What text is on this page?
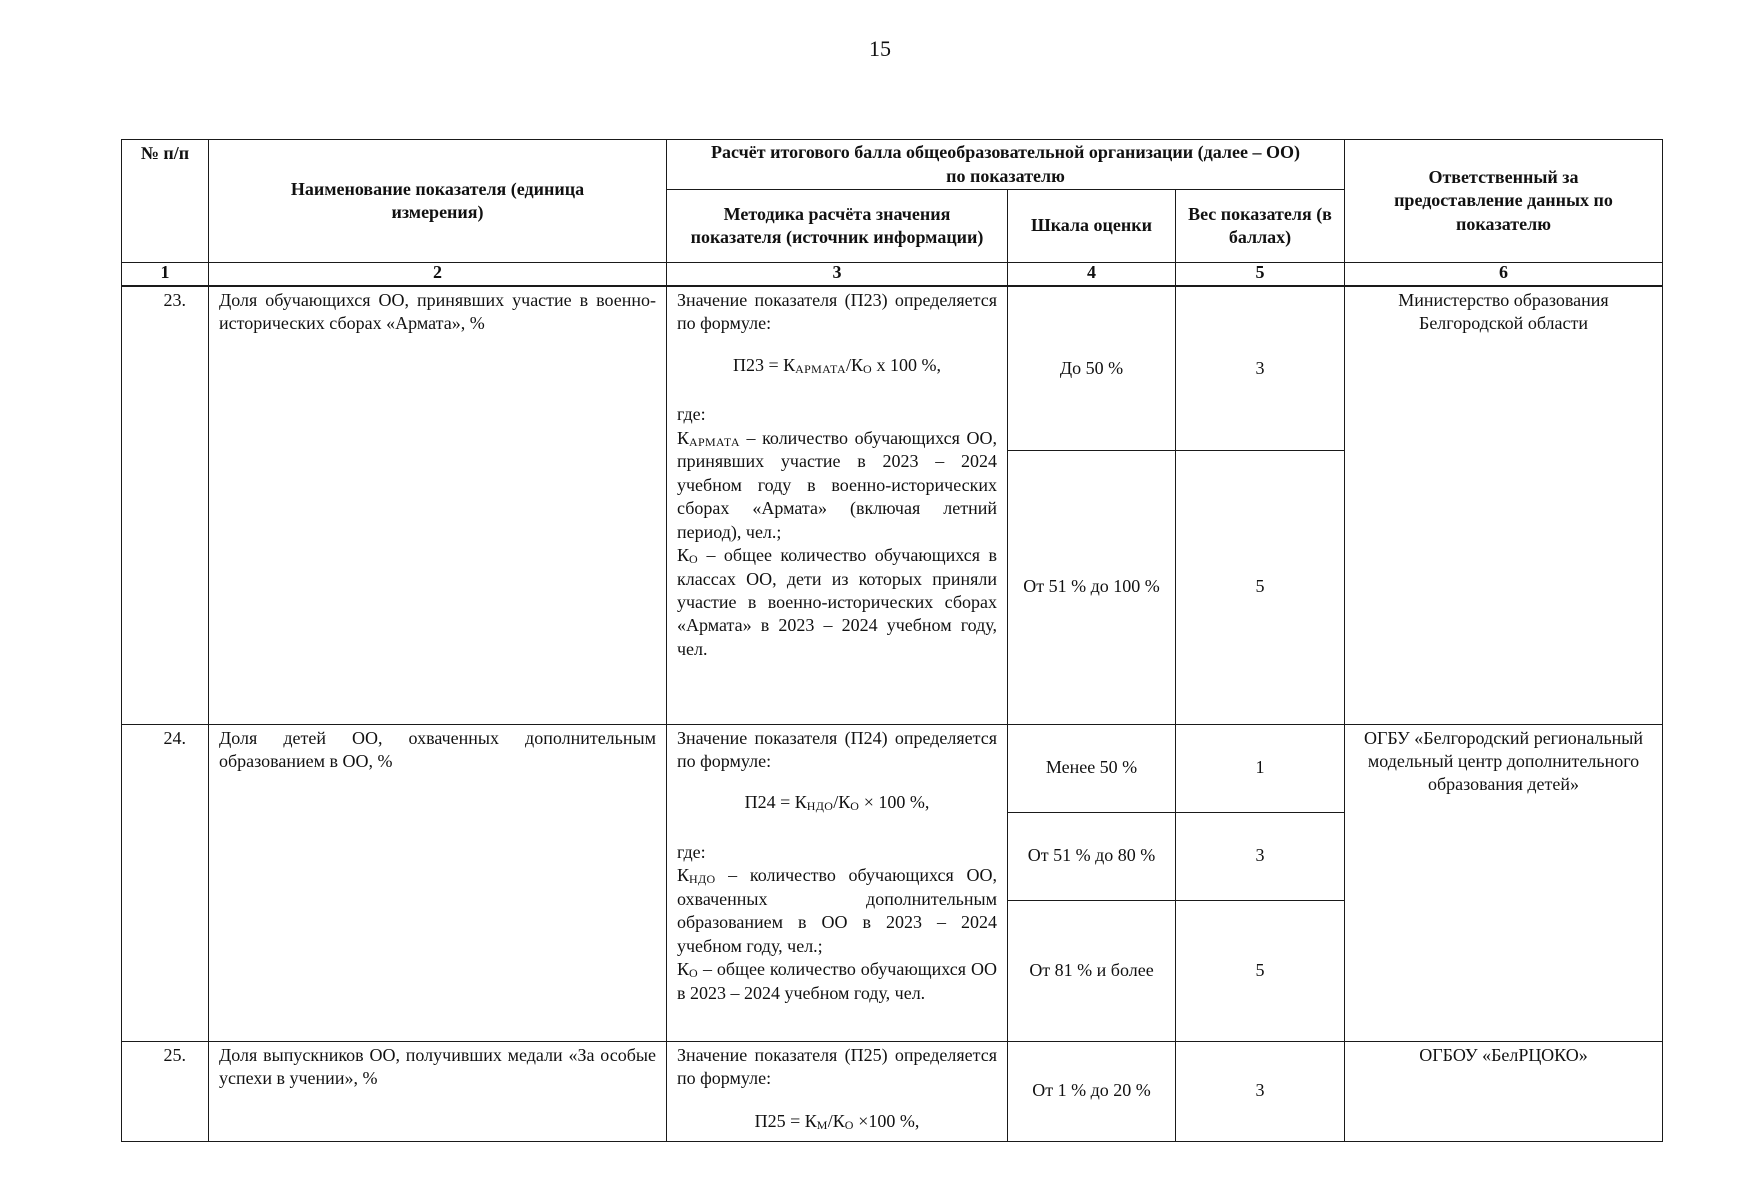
15
№ п/п	Наименование показателя (единица измерения)	Расчёт итогового балла общеобразовательной организации (далее – ОО) по показателю			Ответственный за предоставление данных по показателю
		Методика расчёта значения показателя (источник информации)	Шкала оценки	Вес показателя (в баллах)	
1	2	3	4	5	6
23.	Доля обучающихся ОО, принявших участие в военно-исторических сборах «Армата», %	Значение показателя (П23) определяется по формуле:

$П23 = К_{АРМАТА}/К_О$ х 100 %,

где:

$К_{АРМАТА}$ – количество обучающихся ОО, принявших участие в 2023 – 2024 учебном году в военно-исторических сборах «Армата» (включая летний период), чел.;

$К_О$ – общее количество обучающихся в классах ОО, дети из которых приняли участие в военно-исторических сборах «Армата» в 2023 – 2024 учебном году, чел.	До 50 %	3	Министерство образования Белгородской области
			От 51 % до 100 %	5	
24.	Доля детей ОО, охваченных дополнительным образованием в ОО, %	Значение показателя (П24) определяется по формуле:

$П24 = К_{НДО}/К_О \times 100$ %,

где:

$К_{НДО}$ – количество обучающихся ОО, охваченных дополнительным образованием в ОО в 2023 – 2024 учебном году, чел.;

$К_О$ – общее количество обучающихся ОО в 2023 – 2024 учебном году, чел.	Менее 50 %	1	ОГБУ «Белгородский региональный модельный центр дополнительного образования детей»
			От 51 % до 80 %	3	
			От 81 % и более	5	
25.	Доля выпускников ОО, получивших медали «За особые успехи в учении», %	Значение показателя (П25) определяется по формуле:

$П25 = К_М/К_О \times 100$ %,	От 1 % до 20 %	3	ОГБОУ «БелРЦОКО»
